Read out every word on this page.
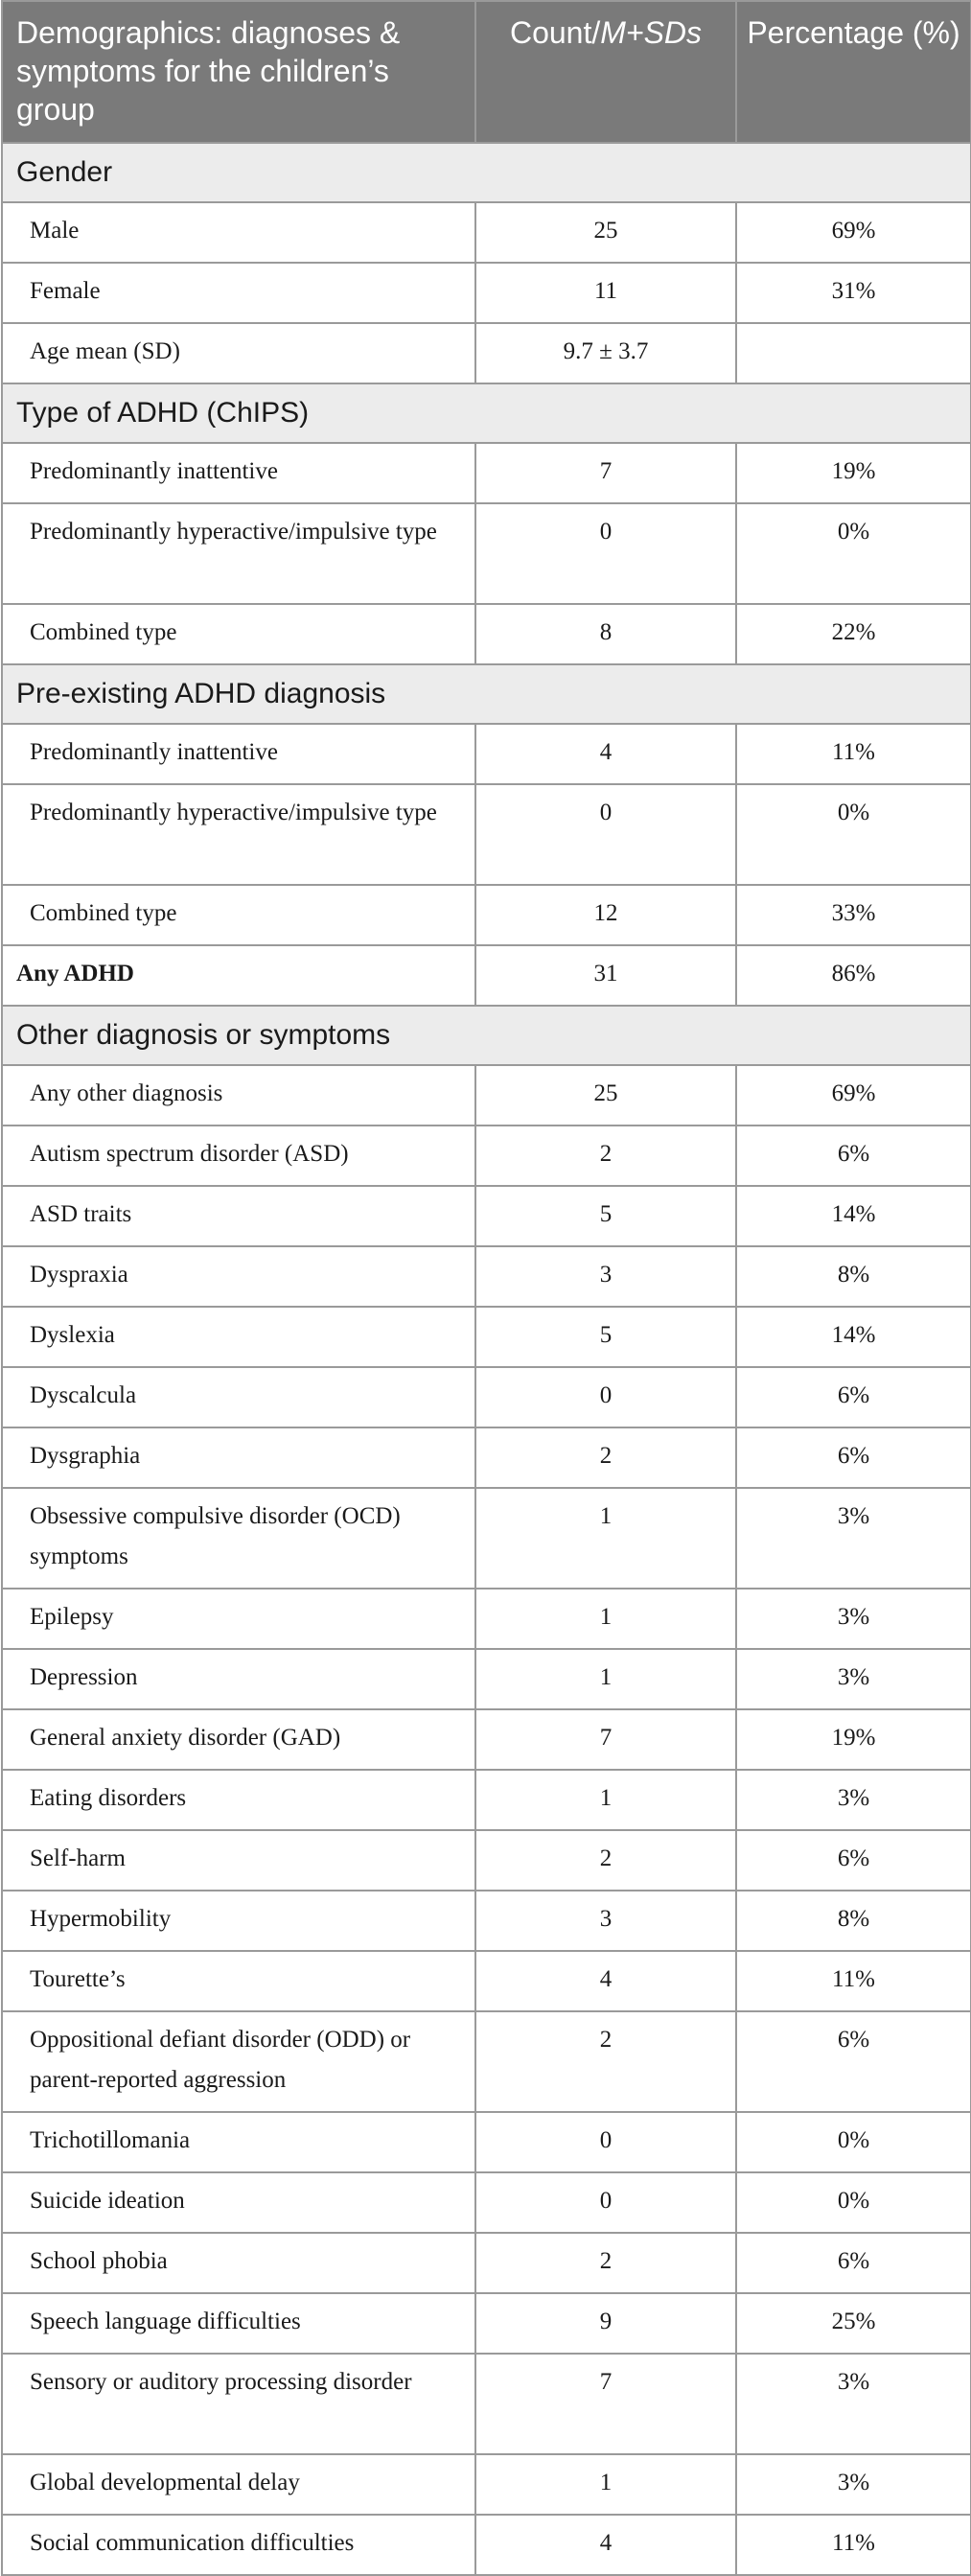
Demographics: diagnoses & symptoms for the children’s group	Count/M+SDs	Percentage (%)
Gender		
Male	25	69%
Female	11	31%
Age mean (SD)	9.7 ± 3.7	
Type of ADHD (ChIPS)		
Predominantly inattentive	7	19%
Predominantly hyperactive/impulsive type	0	0%
Combined type	8	22%
Pre-existing ADHD diagnosis		
Predominantly inattentive	4	11%
Predominantly hyperactive/impulsive type	0	0%
Combined type	12	33%
Any ADHD	31	86%
Other diagnosis or symptoms		
Any other diagnosis	25	69%
Autism spectrum disorder (ASD)	2	6%
ASD traits	5	14%
Dyspraxia	3	8%
Dyslexia	5	14%
Dyscalcula	0	6%
Dysgraphia	2	6%
Obsessive compulsive disorder (OCD) symptoms	1	3%
Epilepsy	1	3%
Depression	1	3%
General anxiety disorder (GAD)	7	19%
Eating disorders	1	3%
Self-harm	2	6%
Hypermobility	3	8%
Tourette’s	4	11%
Oppositional defiant disorder (ODD) or parent-reported aggression	2	6%
Trichotillomania	0	0%
Suicide ideation	0	0%
School phobia	2	6%
Speech language difficulties	9	25%
Sensory or auditory processing disorder	7	3%
Global developmental delay	1	3%
Social communication difficulties	4	11%
